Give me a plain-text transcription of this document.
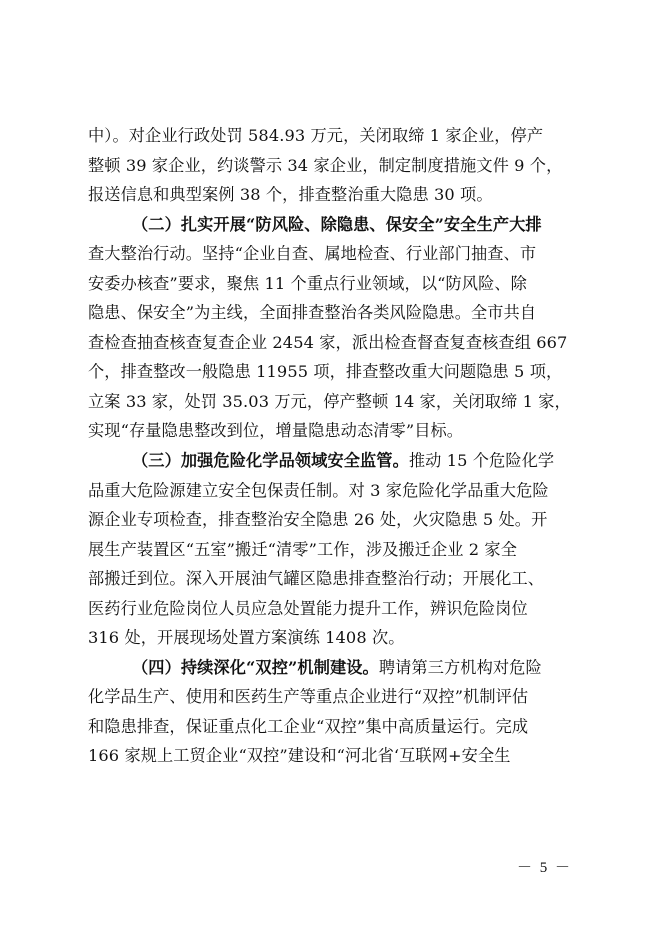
中）。对企业行政处罚 584.93 万元，关闭取缔 1 家企业，停产
整顿 39 家企业，约谈警示 34 家企业，制定制度措施文件 9 个，
报送信息和典型案例 38 个，排查整治重大隐患 30 项。
（二）扎实开展“防风险、除隐患、保安全”安全生产大排
查大整治行动。坚持“企业自查、属地检查、行业部门抽查、市
安委办核查”要求，聚焦 11 个重点行业领域，以“防风险、除
隐患、保安全”为主线，全面排查整治各类风险隐患。全市共自
查检查抽查核查复查企业 2454 家，派出检查督查复查核查组 667
个，排查整改一般隐患 11955 项，排查整改重大问题隐患 5 项，
立案 33 家，处罚 35.03 万元，停产整顿 14 家，关闭取缔 1 家，
实现“存量隐患整改到位，增量隐患动态清零”目标。
（三）加强危险化学品领域安全监管。推动 15 个危险化学
品重大危险源建立安全包保责任制。对 3 家危险化学品重大危险
源企业专项检查，排查整治安全隐患 26 处，火灾隐患 5 处。开
展生产装置区“五室”搬迁“清零”工作，涉及搬迁企业 2 家全
部搬迁到位。深入开展油气罐区隐患排查整治行动；开展化工、
医药行业危险岗位人员应急处置能力提升工作，辨识危险岗位
316 处，开展现场处置方案演练 1408 次。
（四）持续深化“双控”机制建设。聘请第三方机构对危险
化学品生产、使用和医药生产等重点企业进行“双控”机制评估
和隐患排查，保证重点化工企业“双控”集中高质量运行。完成
166 家规上工贸企业“双控”建设和“河北省‘互联网+安全生
－ 5 －
